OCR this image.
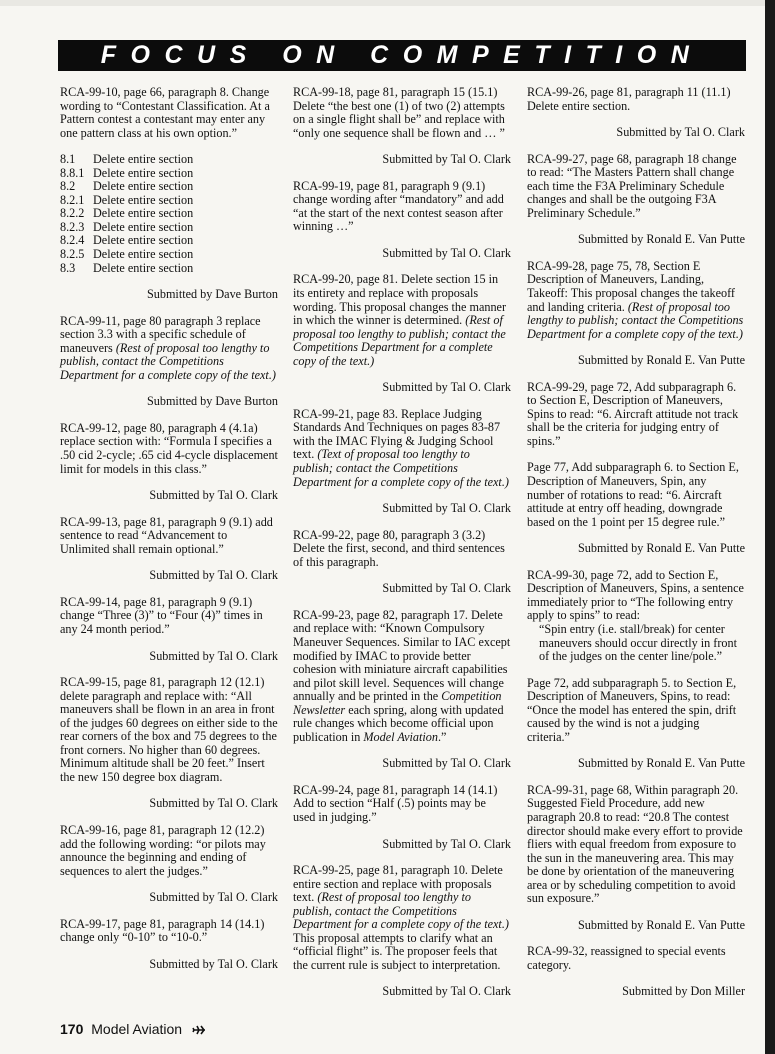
FOCUS ON COMPETITION
RCA-99-10, page 66, paragraph 8. Change wording to “Contestant Classification. At a Pattern contest a contestant may enter any one pattern class at his own option.”
8.1 Delete entire section
8.8.1 Delete entire section
8.2 Delete entire section
8.2.1 Delete entire section
8.2.2 Delete entire section
8.2.3 Delete entire section
8.2.4 Delete entire section
8.2.5 Delete entire section
8.3 Delete entire section
Submitted by Dave Burton
RCA-99-11, page 80 paragraph 3 replace section 3.3 with a specific schedule of maneuvers (Rest of proposal too lengthy to publish, contact the Competitions Department for a complete copy of the text.)
Submitted by Dave Burton
RCA-99-12, page 80, paragraph 4 (4.1a) replace section with: “Formula I specifies a .50 cid 2-cycle; .65 cid 4-cycle displacement limit for models in this class.”
Submitted by Tal O. Clark
RCA-99-13, page 81, paragraph 9 (9.1) add sentence to read “Advancement to Unlimited shall remain optional.”
Submitted by Tal O. Clark
RCA-99-14, page 81, paragraph 9 (9.1) change “Three (3)” to “Four (4)” times in any 24 month period.”
Submitted by Tal O. Clark
RCA-99-15, page 81, paragraph 12 (12.1) delete paragraph and replace with: “All maneuvers shall be flown in an area in front of the judges 60 degrees on either side to the rear corners of the box and 75 degrees to the front corners. No higher than 60 degrees. Minimum altitude shall be 20 feet.” Insert the new 150 degree box diagram.
Submitted by Tal O. Clark
RCA-99-16, page 81, paragraph 12 (12.2) add the following wording: “or pilots may announce the beginning and ending of sequences to alert the judges.”
Submitted by Tal O. Clark
RCA-99-17, page 81, paragraph 14 (14.1) change only “0-10” to “10-0.”
Submitted by Tal O. Clark
RCA-99-18, page 81, paragraph 15 (15.1) Delete “the best one (1) of two (2) attempts on a single flight shall be” and replace with “only one sequence shall be flown and … ”
Submitted by Tal O. Clark
RCA-99-19, page 81, paragraph 9 (9.1) change wording after “mandatory” and add “at the start of the next contest season after winning …”
Submitted by Tal O. Clark
RCA-99-20, page 81. Delete section 15 in its entirety and replace with proposals wording. This proposal changes the manner in which the winner is determined. (Rest of proposal too lengthy to publish; contact the Competitions Department for a complete copy of the text.)
Submitted by Tal O. Clark
RCA-99-21, page 83. Replace Judging Standards And Techniques on pages 83-87 with the IMAC Flying & Judging School text. (Text of proposal too lengthy to publish; contact the Competitions Department for a complete copy of the text.)
Submitted by Tal O. Clark
RCA-99-22, page 80, paragraph 3 (3.2) Delete the first, second, and third sentences of this paragraph.
Submitted by Tal O. Clark
RCA-99-23, page 82, paragraph 17. Delete and replace with: “Known Compulsory Maneuver Sequences. Similar to IAC except modified by IMAC to provide better cohesion with miniature aircraft capabilities and pilot skill level. Sequences will change annually and be printed in the Competition Newsletter each spring, along with updated rule changes which become official upon publication in Model Aviation.”
Submitted by Tal O. Clark
RCA-99-24, page 81, paragraph 14 (14.1) Add to section “Half (.5) points may be used in judging.”
Submitted by Tal O. Clark
RCA-99-25, page 81, paragraph 10. Delete entire section and replace with proposals text. (Rest of proposal too lengthy to publish, contact the Competitions Department for a complete copy of the text.) This proposal attempts to clarify what an “official flight” is. The proposer feels that the current rule is subject to interpretation.
Submitted by Tal O. Clark
RCA-99-26, page 81, paragraph 11 (11.1) Delete entire section.
Submitted by Tal O. Clark
RCA-99-27, page 68, paragraph 18 change to read: “The Masters Pattern shall change each time the F3A Preliminary Schedule changes and shall be the outgoing F3A Preliminary Schedule.”
Submitted by Ronald E. Van Putte
RCA-99-28, page 75, 78, Section E Description of Maneuvers, Landing, Takeoff: This proposal changes the takeoff and landing criteria. (Rest of proposal too lengthy to publish; contact the Competitions Department for a complete copy of the text.)
Submitted by Ronald E. Van Putte
RCA-99-29, page 72, Add subparagraph 6. to Section E, Description of Maneuvers, Spins to read: “6. Aircraft attitude not track shall be the criteria for judging entry of spins.”
Page 77, Add subparagraph 6. to Section E, Description of Maneuvers, Spin, any number of rotations to read: “6. Aircraft attitude at entry off heading, downgrade based on the 1 point per 15 degree rule.”
Submitted by Ronald E. Van Putte
RCA-99-30, page 72, add to Section E, Description of Maneuvers, Spins, a sentence immediately prior to “The following entry apply to spins” to read:
“Spin entry (i.e. stall/break) for center maneuvers should occur directly in front of the judges on the center line/pole.”
Page 72, add subparagraph 5. to Section E, Description of Maneuvers, Spins, to read: “Once the model has entered the spin, drift caused by the wind is not a judging criteria.”
Submitted by Ronald E. Van Putte
RCA-99-31, page 68, Within paragraph 20. Suggested Field Procedure, add new paragraph 20.8 to read: “20.8 The contest director should make every effort to provide fliers with equal freedom from exposure to the sun in the maneuvering area. This may be done by orientation of the maneuvering area or by scheduling competition to avoid sun exposure.”
Submitted by Ronald E. Van Putte
RCA-99-32, reassigned to special events category.
Submitted by Don Miller
170 Model Aviation
